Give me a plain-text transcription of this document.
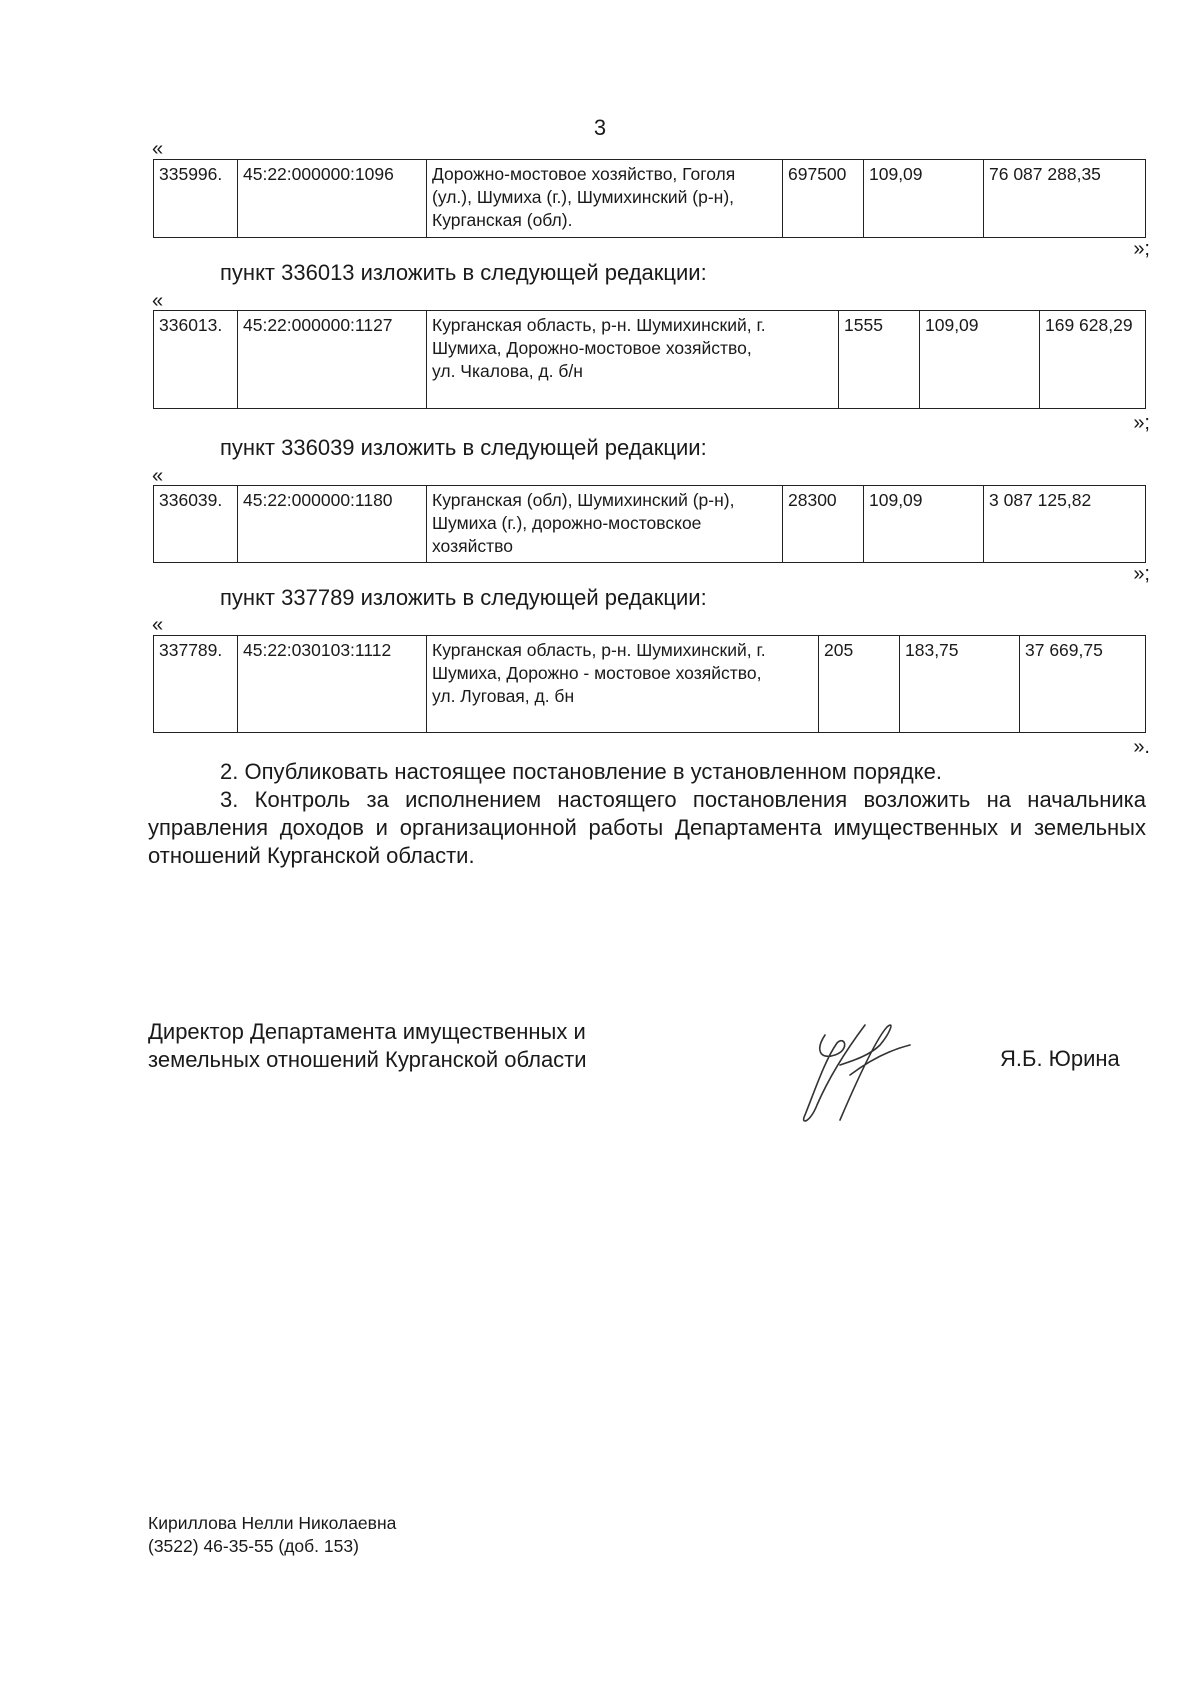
3
«
335996.	45:22:000000:1096	Дорожно-мостовое хозяйство, Гоголя (ул.), Шумиха (г.), Шумихинский (р-н), Курганская (обл).	697500	109,09	76 087 288,35
»;
пункт 336013 изложить в следующей редакции:
«
336013.	45:22:000000:1127	Курганская область, р-н. Шумихинский, г. Шумиха, Дорожно-мостовое хозяйство, ул. Чкалова, д. б/н	1555	109,09	169 628,29
»;
пункт 336039 изложить в следующей редакции:
«
336039.	45:22:000000:1180	Курганская (обл), Шумихинский (р-н), Шумиха (г.), дорожно-мостовское хозяйство	28300	109,09	3 087 125,82
»;
пункт 337789 изложить в следующей редакции:
«
337789.	45:22:030103:1112	Курганская область, р-н. Шумихинский, г. Шумиха, Дорожно - мостовое хозяйство, ул. Луговая, д. бн	205	183,75	37 669,75
».

2. Опубликовать настоящее постановление в установленном порядке.

3. Контроль за исполнением настоящего постановления возложить на начальника управления доходов и организационной работы Департамента имущественных и земельных отношений Курганской области.

Директор Департамента имущественных и
земельных отношений Курганской области	Я.Б. Юрина
Кириллова Нелли Николаевна
(3522) 46-35-55 (доб. 153)
